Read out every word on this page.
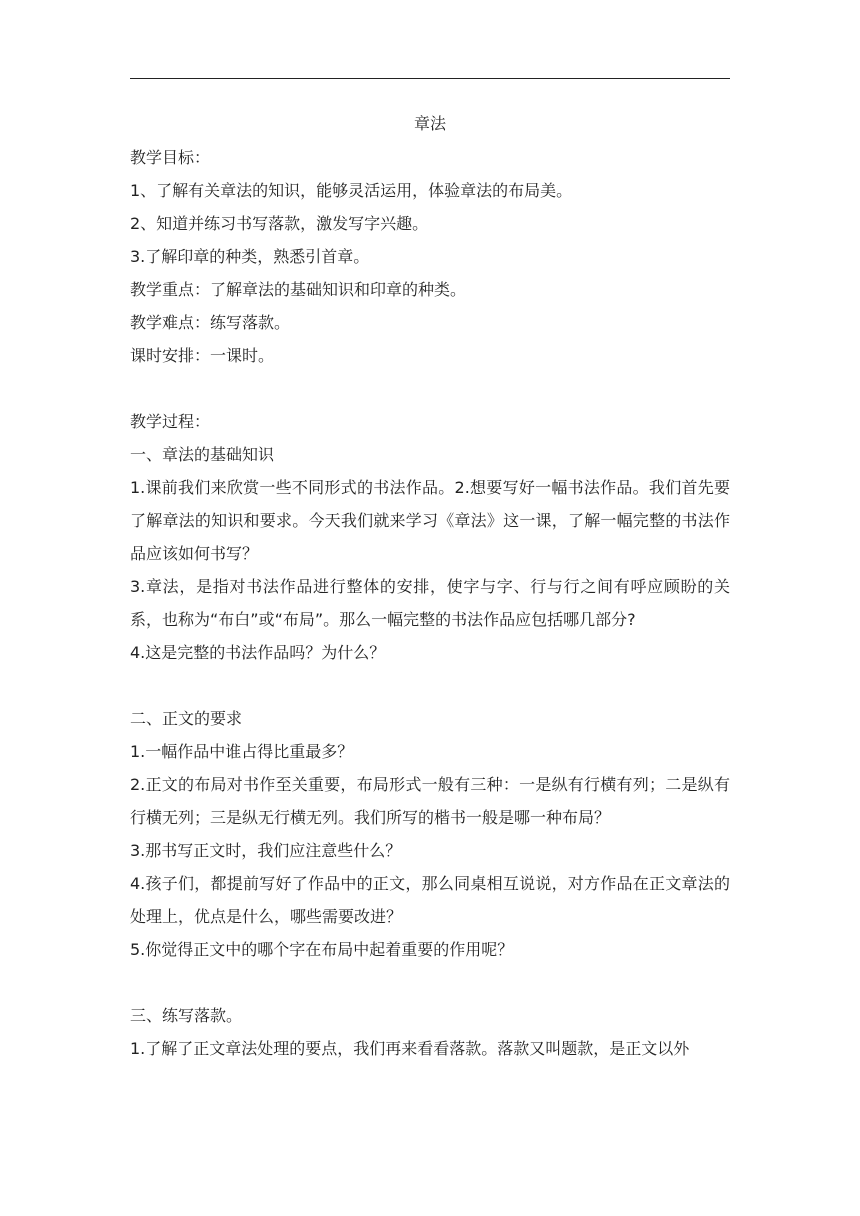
章法
教学目标：
1、了解有关章法的知识，能够灵活运用，体验章法的布局美。
2、知道并练习书写落款，激发写字兴趣。
3.了解印章的种类，熟悉引首章。
教学重点：了解章法的基础知识和印章的种类。
教学难点：练写落款。
课时安排：一课时。
教学过程：
一、章法的基础知识
1.课前我们来欣赏一些不同形式的书法作品。2.想要写好一幅书法作品。我们首先要了解章法的知识和要求。今天我们就来学习《章法》这一课，了解一幅完整的书法作品应该如何书写？
3.章法，是指对书法作品进行整体的安排，使字与字、行与行之间有呼应顾盼的关系，也称为“布白”或“布局”。那么一幅完整的书法作品应包括哪几部分?
4.这是完整的书法作品吗？为什么？
二、正文的要求
1.一幅作品中谁占得比重最多？
2.正文的布局对书作至关重要，布局形式一般有三种：一是纵有行横有列；二是纵有行横无列；三是纵无行横无列。我们所写的楷书一般是哪一种布局？
3.那书写正文时，我们应注意些什么？
4.孩子们，都提前写好了作品中的正文，那么同桌相互说说，对方作品在正文章法的处理上，优点是什么，哪些需要改进？
5.你觉得正文中的哪个字在布局中起着重要的作用呢？
三、练写落款。
1.了解了正文章法处理的要点，我们再来看看落款。落款又叫题款，是正文以外
